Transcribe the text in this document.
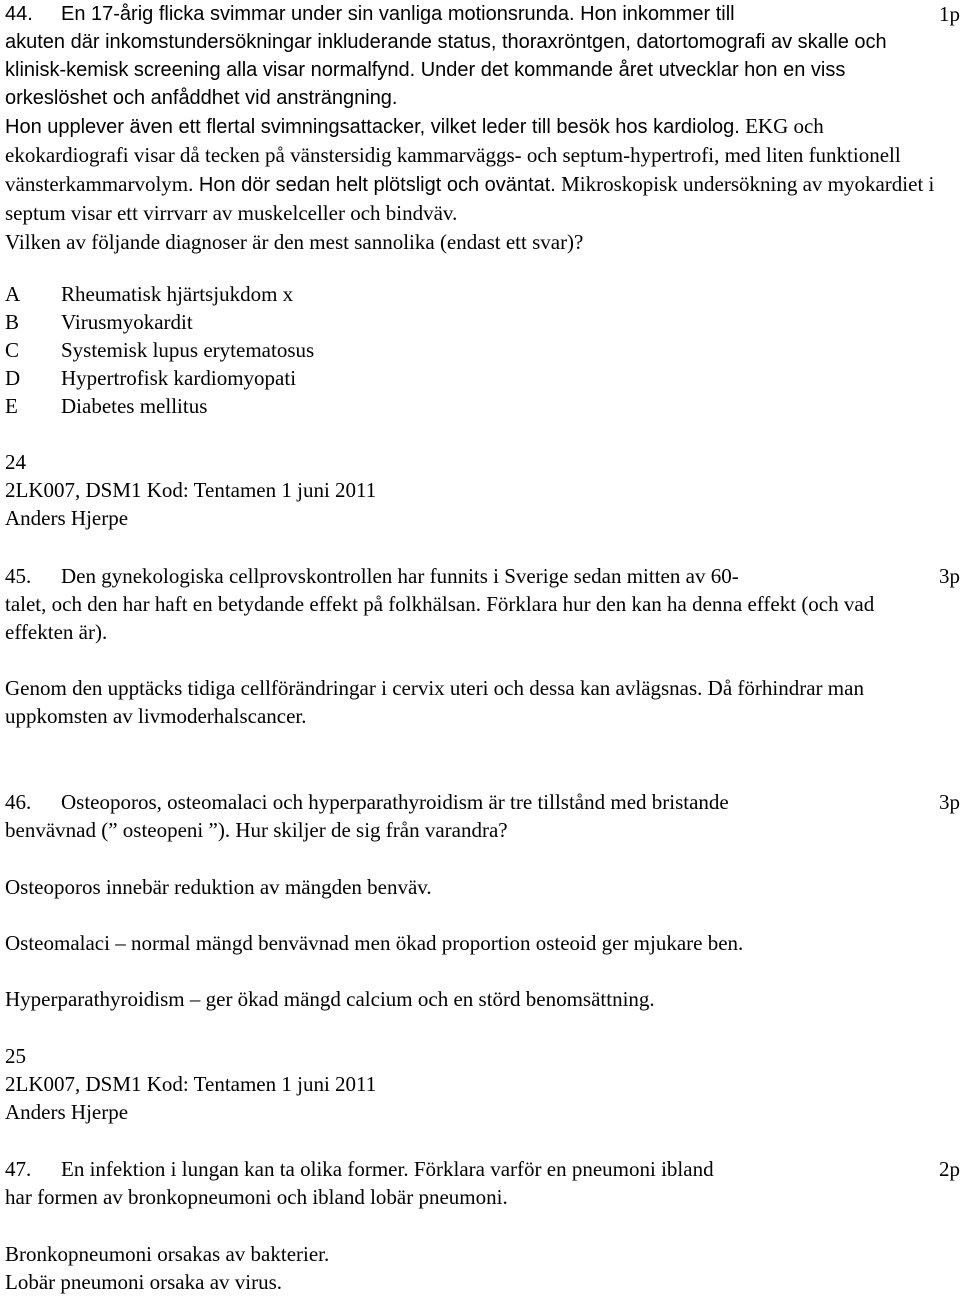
44. En 17-årig flicka svimmar under sin vanliga motionsrunda. Hon inkommer till	1p

akuten där inkomstundersökningar inkluderande status, thoraxröntgen, datortomografi av skalle och klinisk-kemisk screening alla visar normalfynd. Under det kommande året utvecklar hon en viss orkeslöshet och anfåddhet vid ansträngning.

Hon upplever även ett flertal svimningsattacker, vilket leder till besök hos kardiolog. EKG och ekokardiografi visar då tecken på vänstersidig kammarväggs- och septum-hypertrofi, med liten funktionell vänsterkammarvolym. Hon dör sedan helt plötsligt och oväntat. Mikroskopisk undersökning av myokardiet i septum visar ett virrvarr av muskelceller och bindväv.

Vilken av följande diagnoser är den mest sannolika (endast ett svar)?

A Rheumatisk hjärtsjukdom x
B Virusmyokardit
C Systemisk lupus erytematosus
D Hypertrofisk kardiomyopati
E Diabetes mellitus

24

2LK007, DSM1 Kod: Tentamen 1 juni 2011

Anders Hjerpe

45. Den gynekologiska cellprovskontrollen har funnits i Sverige sedan mitten av 60-	3p

talet, och den har haft en betydande effekt på folkhälsan. Förklara hur den kan ha denna effekt (och vad effekten är).

Genom den upptäcks tidiga cellförändringar i cervix uteri och dessa kan avlägsnas. Då förhindrar man uppkomsten av livmoderhalscancer.

46. Osteoporos, osteomalaci och hyperparathyroidism är tre tillstånd med bristande	3p

benvävnad (” osteopeni ”). Hur skiljer de sig från varandra?

Osteoporos innebär reduktion av mängden benväv.

Osteomalaci – normal mängd benvävnad men ökad proportion osteoid ger mjukare ben.

Hyperparathyroidism – ger ökad mängd calcium och en störd benomsättning.

25

2LK007, DSM1 Kod: Tentamen 1 juni 2011

Anders Hjerpe

47. En infektion i lungan kan ta olika former. Förklara varför en pneumoni ibland	2p

har formen av bronkopneumoni och ibland lobär pneumoni.

Bronkopneumoni orsakas av bakterier.

Lobär pneumoni orsaka av virus.
